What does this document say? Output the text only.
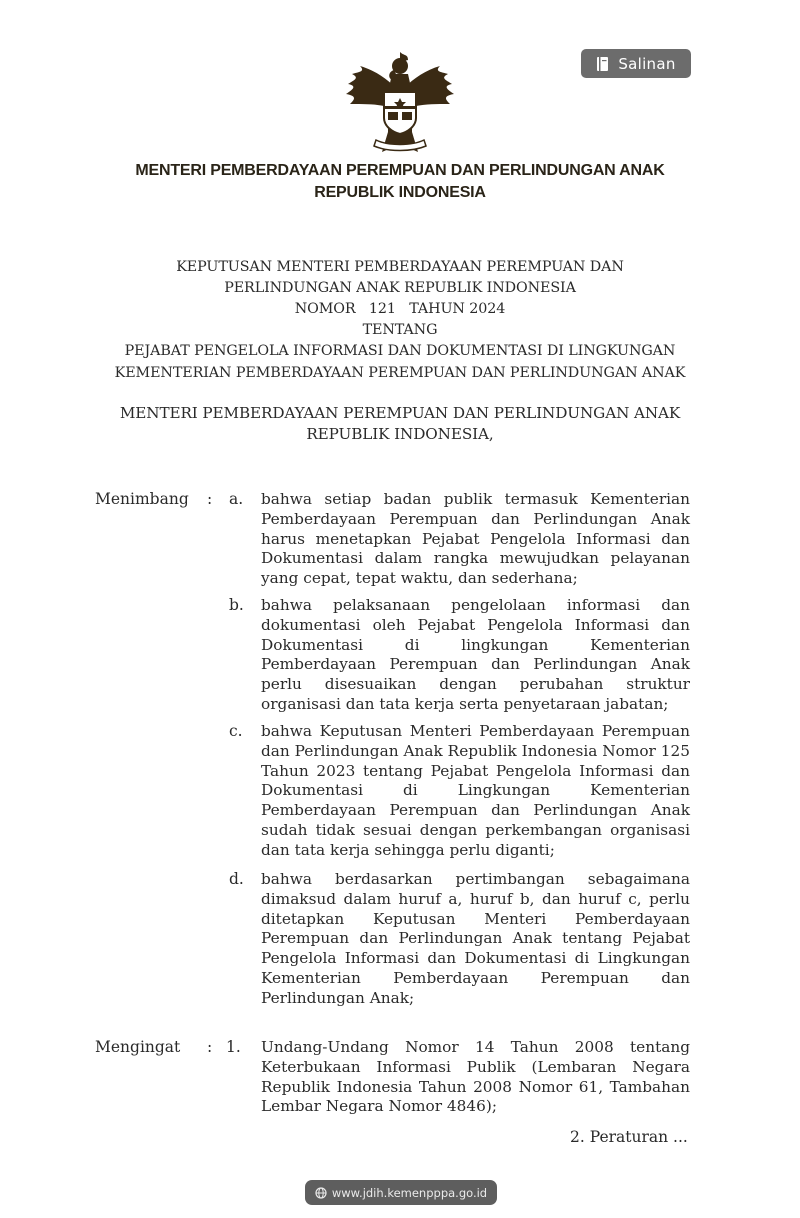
Salinan
MENTERI PEMBERDAYAAN PEREMPUAN DAN PERLINDUNGAN ANAK
REPUBLIK INDONESIA
KEPUTUSAN MENTERI PEMBERDAYAAN PEREMPUAN DAN
PERLINDUNGAN ANAK REPUBLIK INDONESIA
NOMOR   121   TAHUN 2024
TENTANG
PEJABAT PENGELOLA INFORMASI DAN DOKUMENTASI DI LINGKUNGAN
KEMENTERIAN PEMBERDAYAAN PEREMPUAN DAN PERLINDUNGAN ANAK
MENTERI PEMBERDAYAAN PEREMPUAN DAN PERLINDUNGAN ANAK
REPUBLIK INDONESIA,
Menimbang : a. bahwa setiap badan publik termasuk Kementerian Pemberdayaan Perempuan dan Perlindungan Anak harus menetapkan Pejabat Pengelola Informasi dan Dokumentasi dalam rangka mewujudkan pelayanan yang cepat, tepat waktu, dan sederhana;

b. bahwa pelaksanaan pengelolaan informasi dan dokumentasi oleh Pejabat Pengelola Informasi dan Dokumentasi di lingkungan Kementerian Pemberdayaan Perempuan dan Perlindungan Anak perlu disesuaikan dengan perubahan struktur organisasi dan tata kerja serta penyetaraan jabatan;

c. bahwa Keputusan Menteri Pemberdayaan Perempuan dan Perlindungan Anak Republik Indonesia Nomor 125 Tahun 2023 tentang Pejabat Pengelola Informasi dan Dokumentasi di Lingkungan Kementerian Pemberdayaan Perempuan dan Perlindungan Anak sudah tidak sesuai dengan perkembangan organisasi dan tata kerja sehingga perlu diganti;

d. bahwa berdasarkan pertimbangan sebagaimana dimaksud dalam huruf a, huruf b, dan huruf c, perlu ditetapkan Keputusan Menteri Pemberdayaan Perempuan dan Perlindungan Anak tentang Pejabat Pengelola Informasi dan Dokumentasi di Lingkungan Kementerian Pemberdayaan Perempuan dan Perlindungan Anak;

Mengingat : 1. Undang-Undang Nomor 14 Tahun 2008 tentang Keterbukaan Informasi Publik (Lembaran Negara Republik Indonesia Tahun 2008 Nomor 61, Tambahan Lembar Negara Nomor 4846);

2. Peraturan ...
www.jdih.kemenpppa.go.id
